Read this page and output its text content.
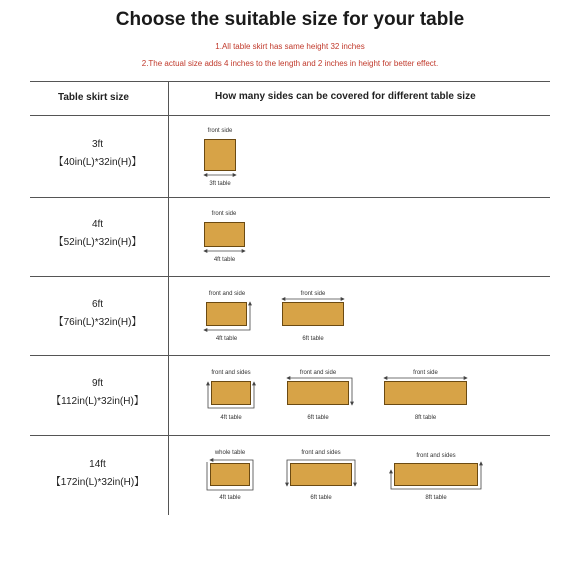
Choose the suitable size for your table
1.All table skirt has same height 32 inches
2.The actual size adds 4 inches to the length and 2 inches in height for better effect.
Table skirt size	How many sides can be covered for different table size
3ft
【40in(L)*32in(H)】
front side
3ft table
4ft
【52in(L)*32in(H)】
front side
4ft table
6ft
【76in(L)*32in(H)】
front and side
4ft table
front side
6ft table
9ft
【112in(L)*32in(H)】
front and sides
4ft table
front and side
6ft table
front side
8ft table
14ft
【172in(L)*32in(H)】
whole table
4ft table
front and sides
6ft table
front and sides
8ft table
